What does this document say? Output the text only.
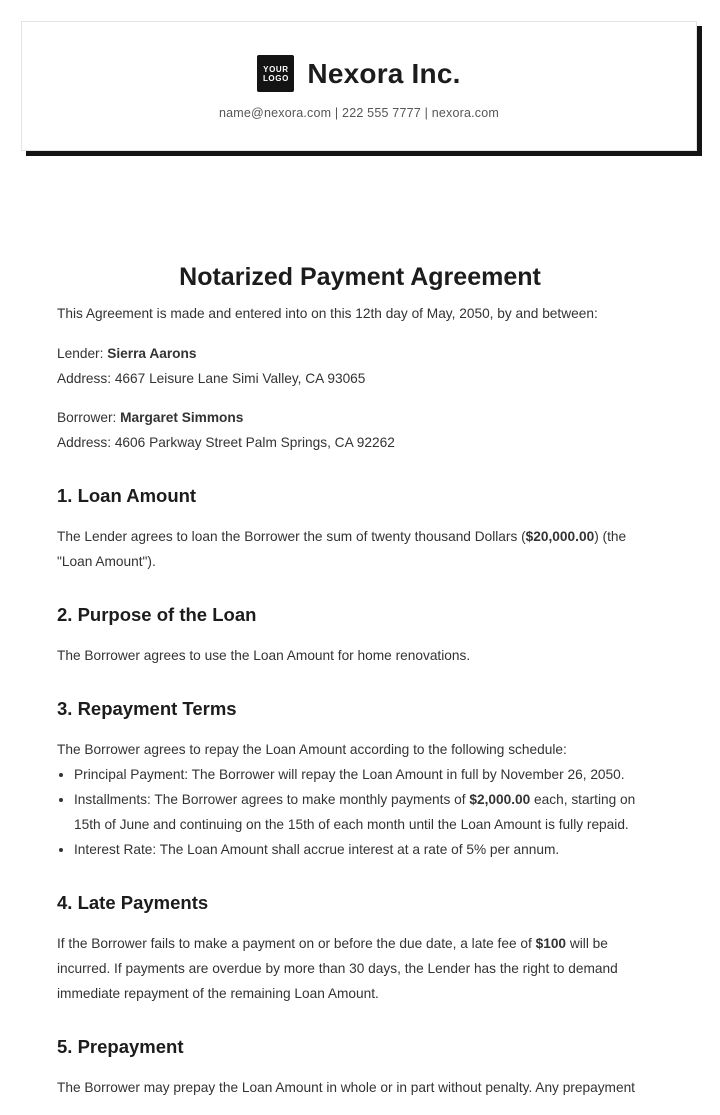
YOUR
LOGO Nexora Inc.
name@nexora.com | 222 555 7777 | nexora.com
Notarized Payment Agreement

This Agreement is made and entered into on this 12th day of May, 2050, by and between:

Lender: Sierra Aarons

Address: 4667 Leisure Lane Simi Valley, CA 93065

Borrower: Margaret Simmons

Address: 4606 Parkway Street Palm Springs, CA 92262

1. Loan Amount

The Lender agrees to loan the Borrower the sum of twenty thousand Dollars ($20,000.00) (the "Loan Amount").

2. Purpose of the Loan

The Borrower agrees to use the Loan Amount for home renovations.

3. Repayment Terms

The Borrower agrees to repay the Loan Amount according to the following schedule:

• Principal Payment: The Borrower will repay the Loan Amount in full by November 26, 2050.
• Installments: The Borrower agrees to make monthly payments of $2,000.00 each, starting on 15th of June and continuing on the 15th of each month until the Loan Amount is fully repaid.
• Interest Rate: The Loan Amount shall accrue interest at a rate of 5% per annum.
4. Late Payments

If the Borrower fails to make a payment on or before the due date, a late fee of $100 will be incurred. If payments are overdue by more than 30 days, the Lender has the right to demand immediate repayment of the remaining Loan Amount.

5. Prepayment

The Borrower may prepay the Loan Amount in whole or in part without penalty. Any prepayment
